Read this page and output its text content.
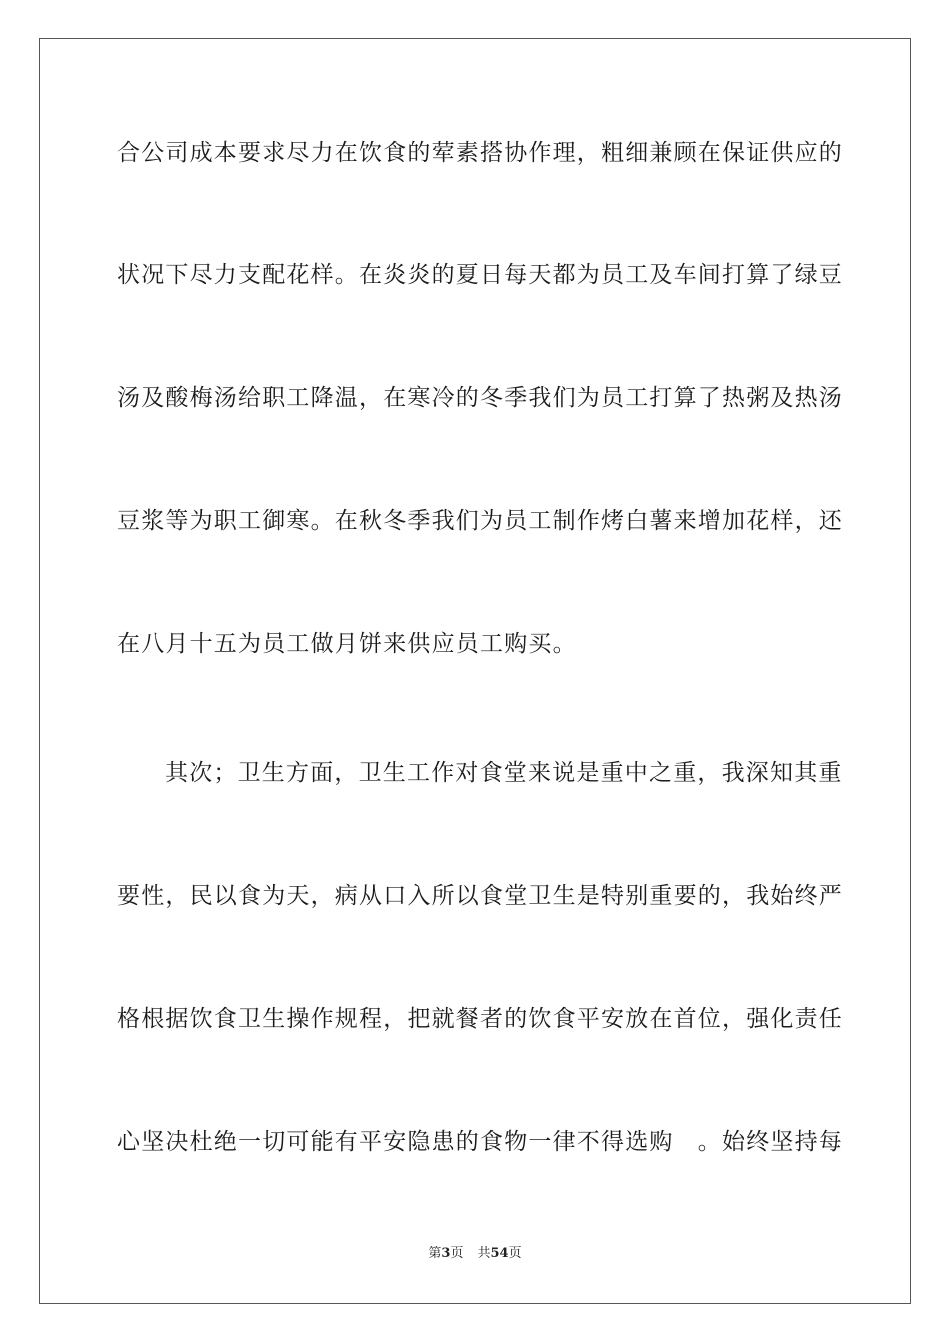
合公司成本要求尽力在饮食的荤素搭协作理，粗细兼顾在保证供应的
状况下尽力支配花样。在炎炎的夏日每天都为员工及车间打算了绿豆
汤及酸梅汤给职工降温，在寒冷的冬季我们为员工打算了热粥及热汤
豆浆等为职工御寒。在秋冬季我们为员工制作烤白薯来增加花样，还
在八月十五为员工做月饼来供应员工购买。
其次；卫生方面，卫生工作对食堂来说是重中之重，我深知其重
要性，民以食为天，病从口入所以食堂卫生是特别重要的，我始终严
格根据饮食卫生操作规程，把就餐者的饮食平安放在首位，强化责任
心坚决杜绝一切可能有平安隐患的食物一律不得选购　。始终坚持每
第3页 共54页
